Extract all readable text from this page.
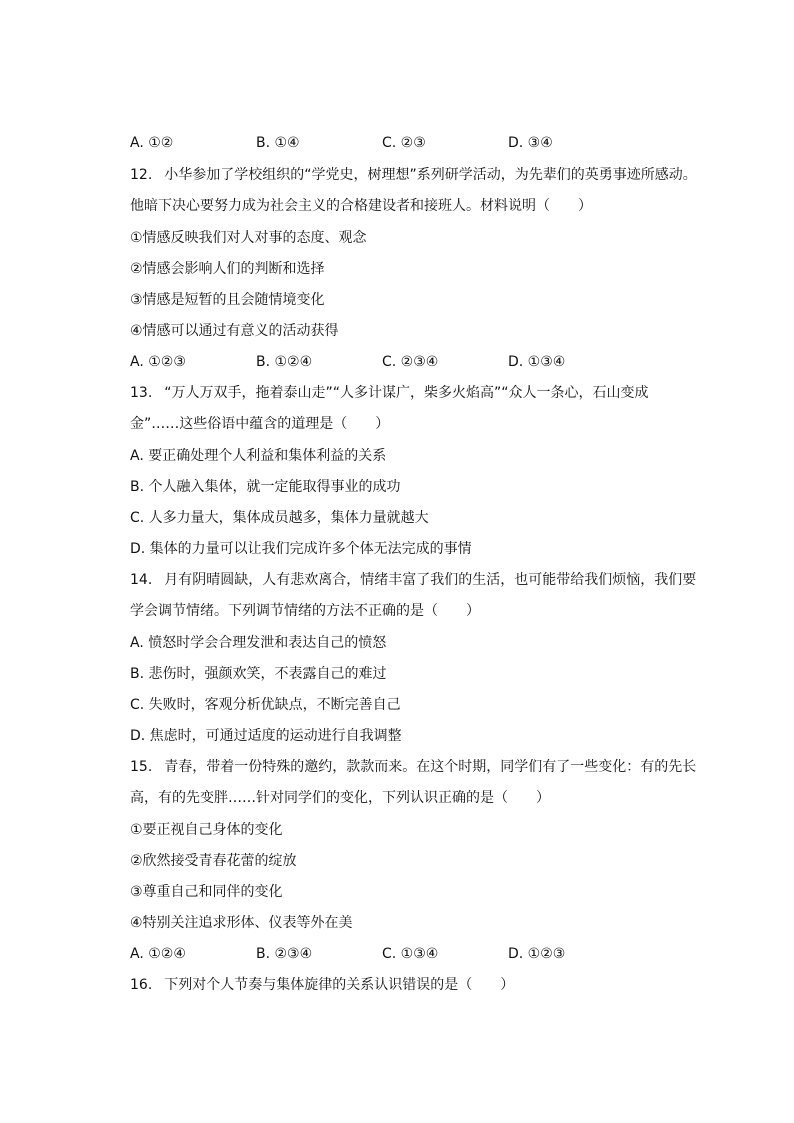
A. ①②	B. ①④	C. ②③	D. ③④
12. 小华参加了学校组织的“学党史，树理想”系列研学活动，为先辈们的英勇事迹所感动。
他暗下决心要努力成为社会主义的合格建设者和接班人。材料说明（　　）
①情感反映我们对人对事的态度、观念
②情感会影响人们的判断和选择
③情感是短暂的且会随情境变化
④情感可以通过有意义的活动获得
A. ①②③	B. ①②④	C. ②③④	D. ①③④
13. “万人万双手，拖着泰山走”“人多计谋广，柴多火焰高”“众人一条心，石山变成
金”……这些俗语中蕴含的道理是（　　）
A. 要正确处理个人利益和集体利益的关系
B. 个人融入集体，就一定能取得事业的成功
C. 人多力量大，集体成员越多，集体力量就越大
D. 集体的力量可以让我们完成许多个体无法完成的事情
14. 月有阴晴圆缺，人有悲欢离合，情绪丰富了我们的生活，也可能带给我们烦恼，我们要
学会调节情绪。下列调节情绪的方法不正确的是（　　）
A. 愤怒时学会合理发泄和表达自己的愤怒
B. 悲伤时，强颜欢笑，不表露自己的难过
C. 失败时，客观分析优缺点，不断完善自己
D. 焦虑时，可通过适度的运动进行自我调整
15. 青春，带着一份特殊的邀约，款款而来。在这个时期，同学们有了一些变化：有的先长
高，有的先变胖……针对同学们的变化，下列认识正确的是（　　）
①要正视自己身体的变化
②欣然接受青春花蕾的绽放
③尊重自己和同伴的变化
④特别关注追求形体、仪表等外在美
A. ①②④	B. ②③④	C. ①③④	D. ①②③
16. 下列对个人节奏与集体旋律的关系认识错误的是（　　）
